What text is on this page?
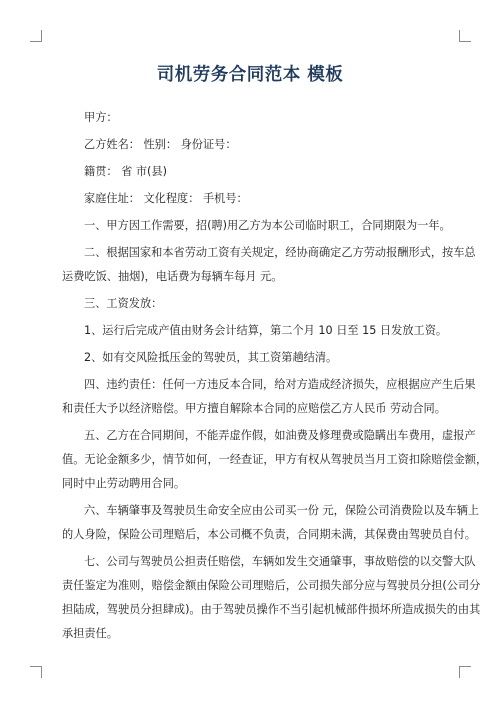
司机劳务合同范本 模板

甲方：

乙方姓名： 性别： 身份证号：

籍贯： 省 市(县)

家庭住址： 文化程度： 手机号：

一、甲方因工作需要，招(聘)用乙方为本公司临时职工，合同期限为一年。

二、根据国家和本省劳动工资有关规定，经协商确定乙方劳动报酬形式，按车总

运费吃饭、抽烟)，电话费为每辆车每月 元。

三、工资发放：

1、运行后完成产值由财务会计结算，第二个月 10 日至 15 日发放工资。

2、如有交风险抵压金的驾驶员，其工资第趟结清。

四、违约责任：任何一方违反本合同，给对方造成经济损失，应根据应产生后果

和责任大予以经济赔偿。甲方擅自解除本合同的应赔偿乙方人民币 劳动合同。

五、乙方在合同期间，不能弄虚作假，如油费及修理费或隐瞒出车费用，虚报产

值。无论金额多少，情节如何，一经查证，甲方有权从驾驶员当月工资扣除赔偿金额，

同时中止劳动聘用合同。

六、车辆肇事及驾驶员生命安全应由公司买一份 元，保险公司消费险以及车辆上

的人身险，保险公司理赔后，本公司概不负责，合同期未满，其保费由驾驶员自付。

七、公司与驾驶员公担责任赔偿，车辆如发生交通肇事，事故赔偿的以交警大队

责任鉴定为准则，赔偿金额由保险公司理赔后，公司损失部分应与驾驶员分担(公司分

担陆成，驾驶员分担肆成)。由于驾驶员操作不当引起机械部件损坏所造成损失的由其

承担责任。
